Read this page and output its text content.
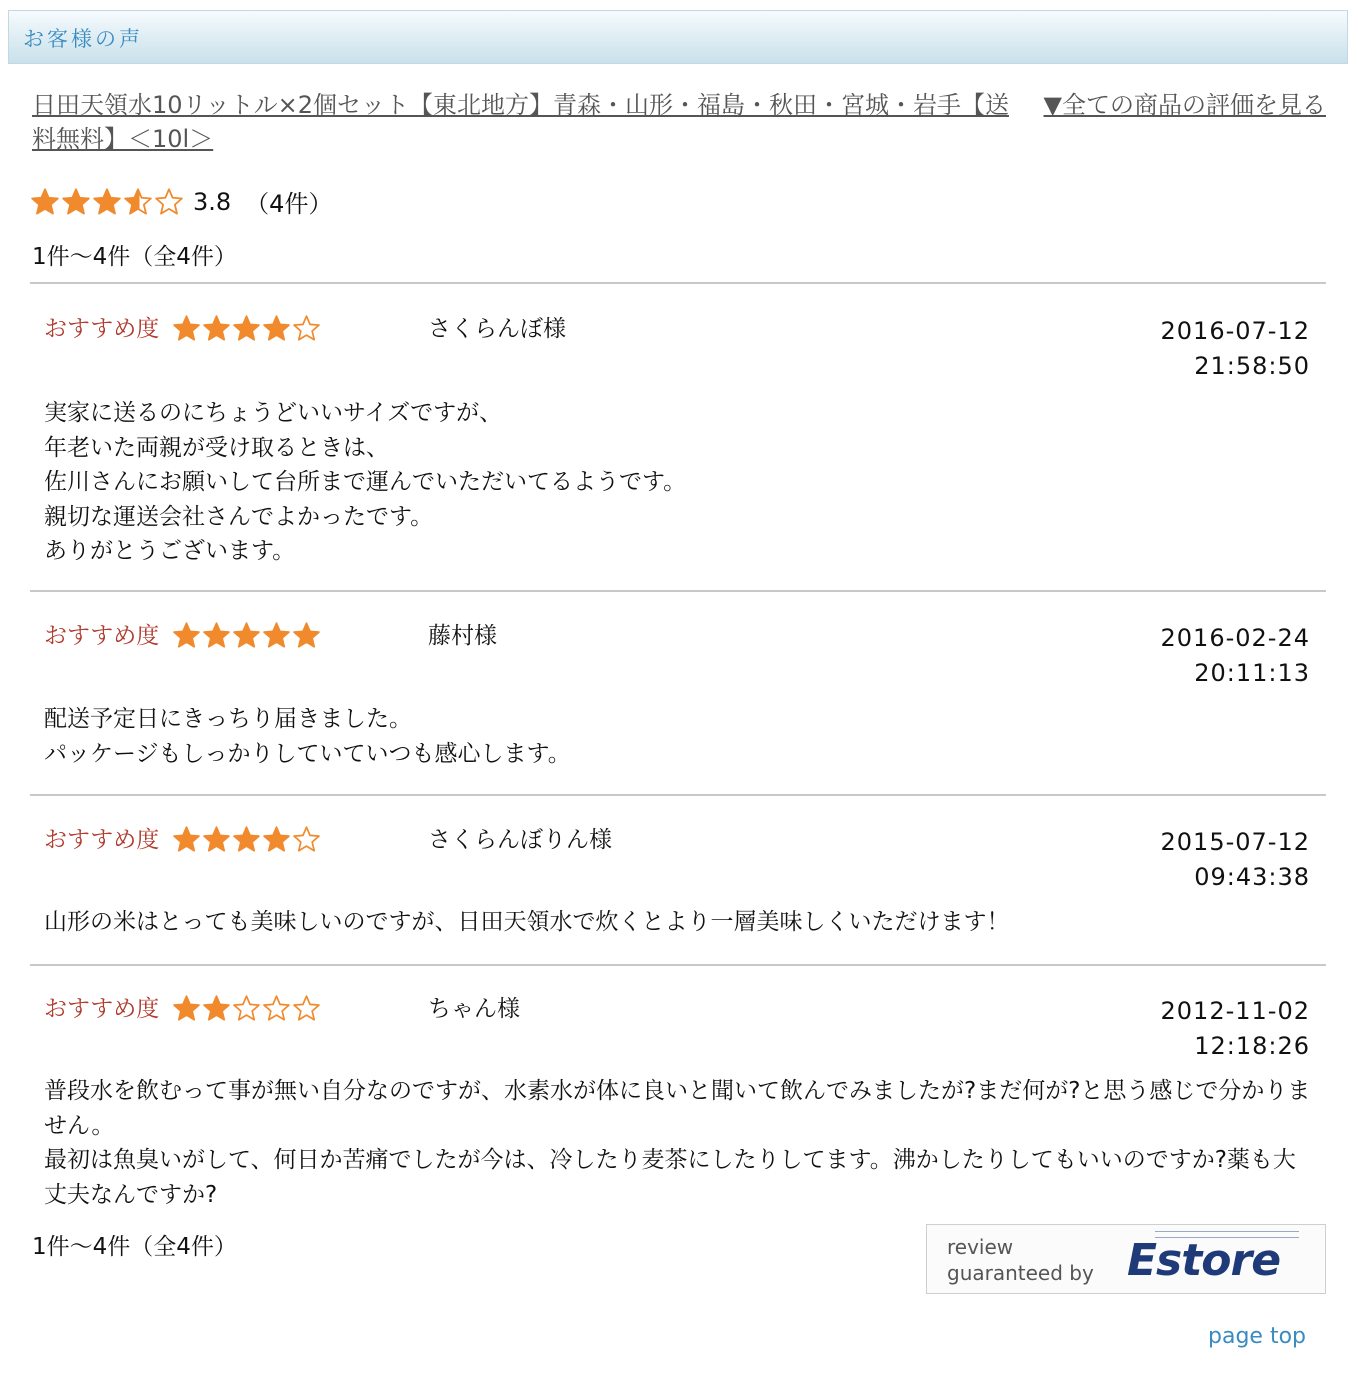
お客様の声
日田天領水10リットル×2個セット【東北地方】青森・山形・福島・秋田・宮城・岩手【送料無料】＜10l＞
▼全ての商品の評価を見る
3.8 （4件）
1件～4件（全4件）
おすすめ度	さくらんぼ様	2016-07-12
21:58:50
実家に送るのにちょうどいいサイズですが、
年老いた両親が受け取るときは、
佐川さんにお願いして台所まで運んでいただいてるようです。
親切な運送会社さんでよかったです。
ありがとうございます。
おすすめ度	藤村様	2016-02-24
20:11:13
配送予定日にきっちり届きました。
パッケージもしっかりしていていつも感心します。
おすすめ度	さくらんぼりん様	2015-07-12
09:43:38
山形の米はとっても美味しいのですが、日田天領水で炊くとより一層美味しくいただけます！
おすすめ度	ちゃん様	2012-11-02
12:18:26
普段水を飲むって事が無い自分なのですが、水素水が体に良いと聞いて飲んでみましたが?まだ何が?と思う感じで分かりません。
最初は魚臭いがして、何日か苦痛でしたが今は、冷したり麦茶にしたりしてます。沸かしたりしてもいいのですか?薬も大丈夫なんですか?
1件～4件（全4件）	review
guaranteed by Estore
page top
